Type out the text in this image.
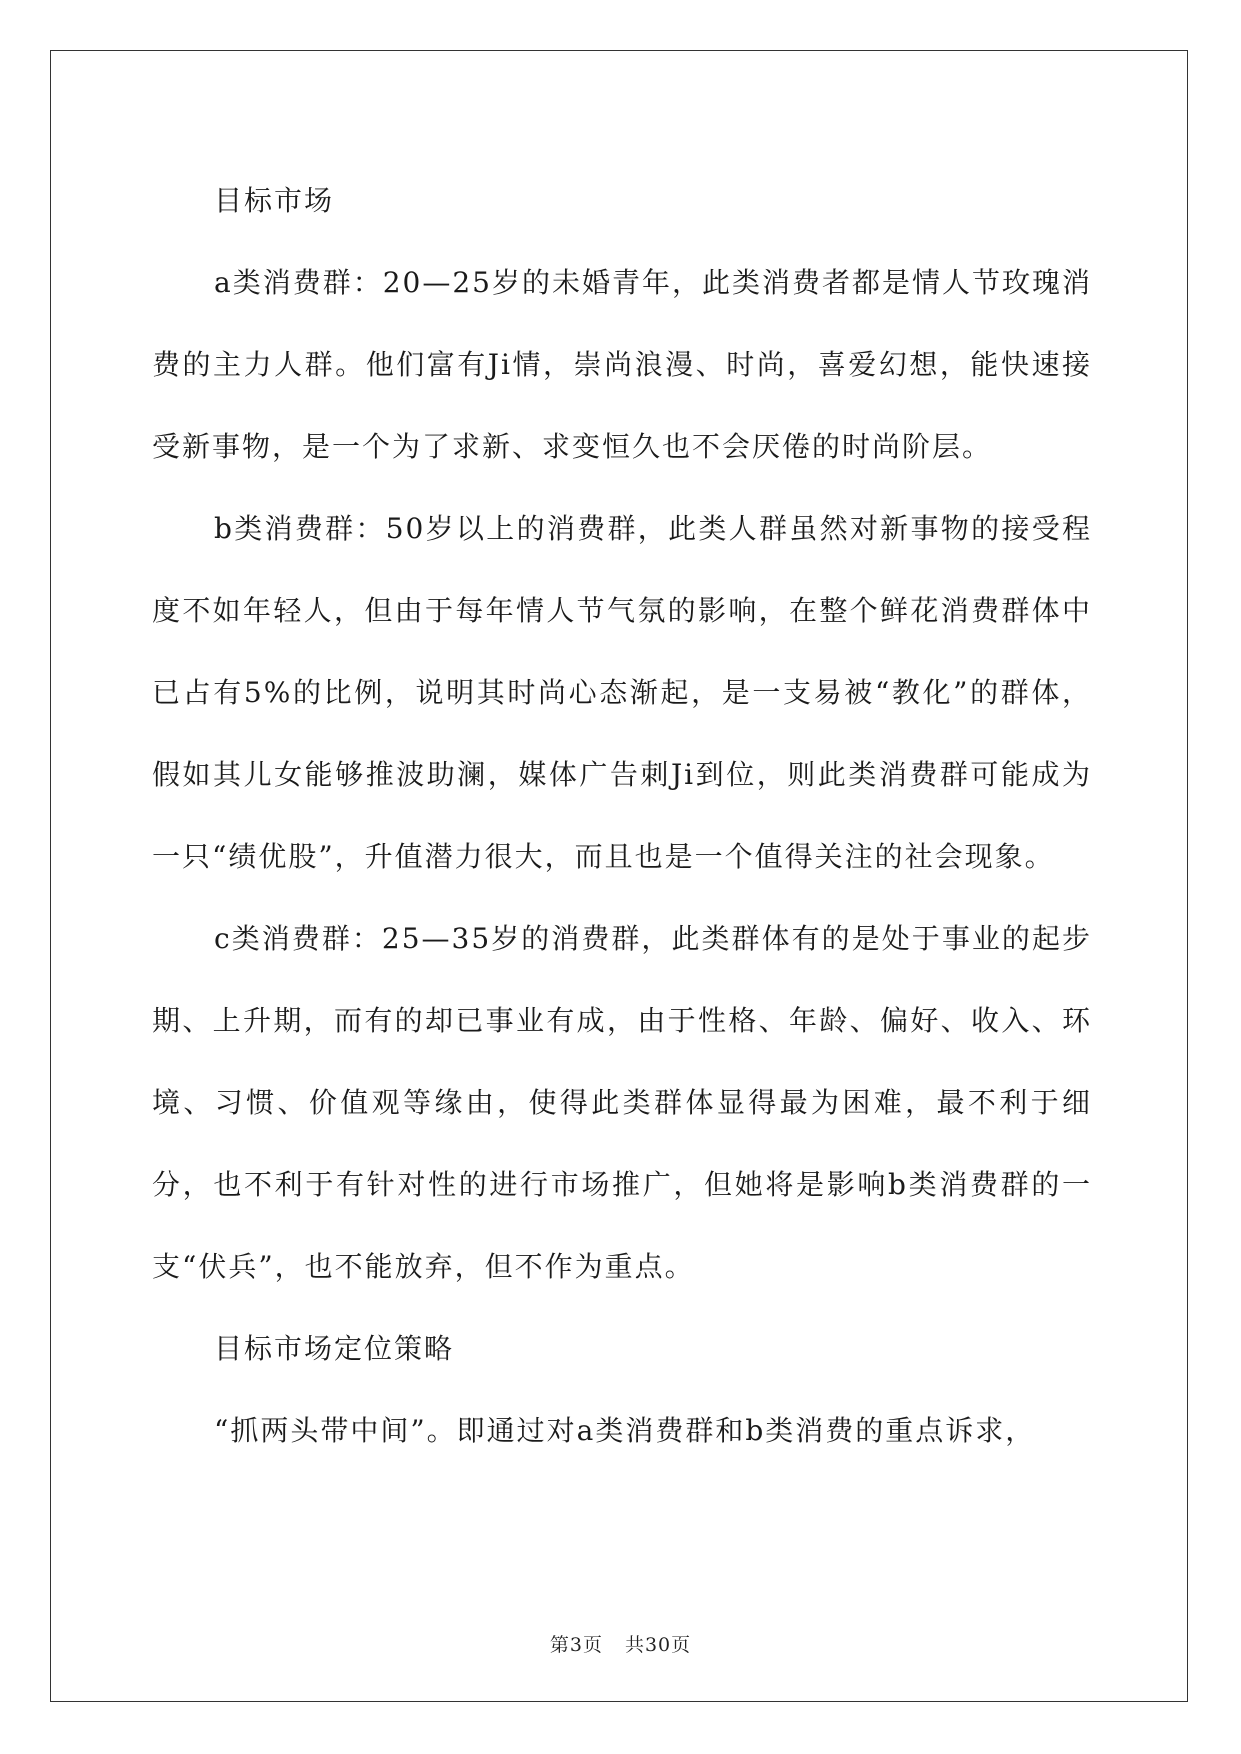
目标市场

a类消费群：20—25岁的未婚青年，此类消费者都是情人节玫瑰消费的主力人群。他们富有Ji情，崇尚浪漫、时尚，喜爱幻想，能快速接受新事物，是一个为了求新、求变恒久也不会厌倦的时尚阶层。

b类消费群：50岁以上的消费群，此类人群虽然对新事物的接受程度不如年轻人，但由于每年情人节气氛的影响，在整个鲜花消费群体中已占有5%的比例，说明其时尚心态渐起，是一支易被“教化”的群体，假如其儿女能够推波助澜，媒体广告刺Ji到位，则此类消费群可能成为一只“绩优股”，升值潜力很大，而且也是一个值得关注的社会现象。

c类消费群：25—35岁的消费群，此类群体有的是处于事业的起步期、上升期，而有的却已事业有成，由于性格、年龄、偏好、收入、环境、习惯、价值观等缘由，使得此类群体显得最为困难，最不利于细分，也不利于有针对性的进行市场推广，但她将是影响b类消费群的一支“伏兵”，也不能放弃，但不作为重点。

目标市场定位策略

“抓两头带中间”。即通过对a类消费群和b类消费的重点诉求，

第3页 共30页
